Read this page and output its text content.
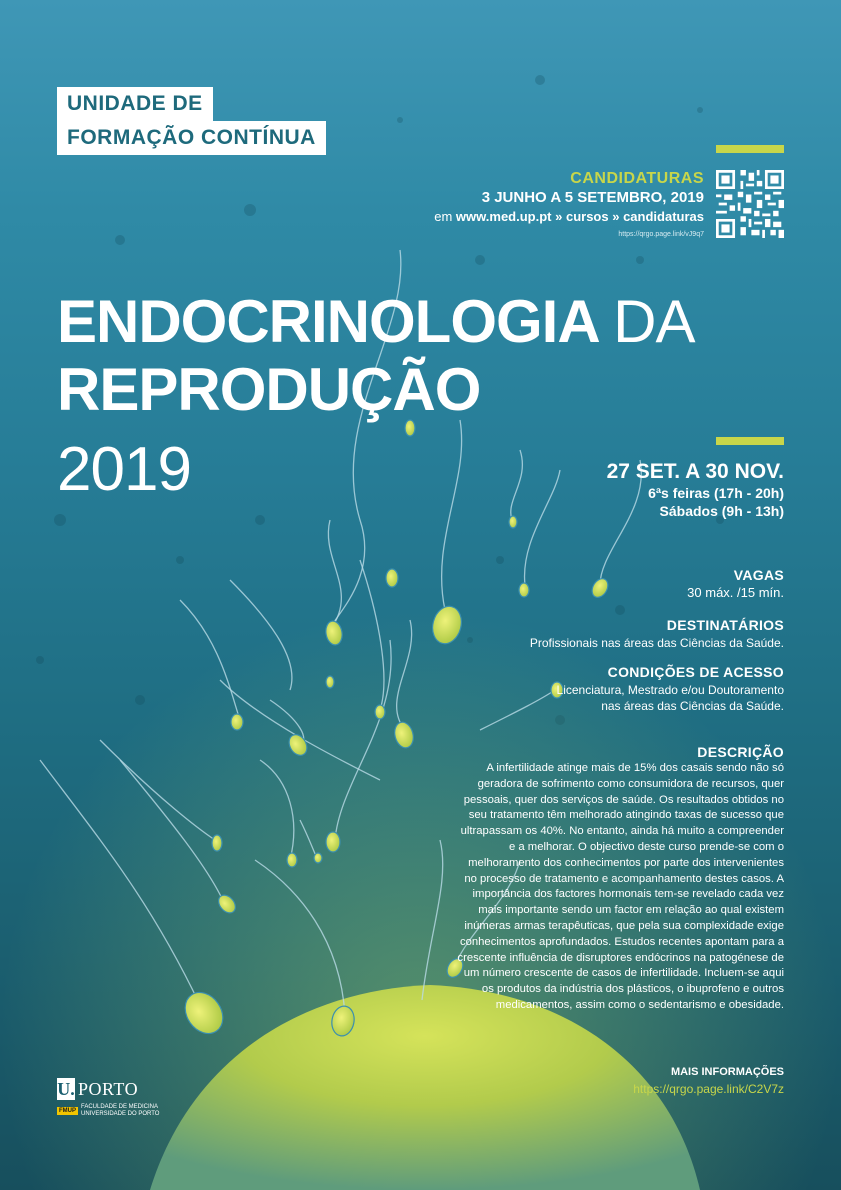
UNIDADE DE
FORMAÇÃO CONTÍNUA
CANDIDATURAS
3 JUNHO A 5 SETEMBRO, 2019
em www.med.up.pt » cursos » candidaturas
https://qrgo.page.link/vJ9q7
ENDOCRINOLOGIA DA
REPRODUÇÃO
2019	27 SET. A 30 NOV.
6ªs feiras (17h - 20h)
Sábados (9h - 13h)
VAGAS
30 máx. /15 mín.
DESTINATÁRIOS
Profissionais nas áreas das Ciências da Saúde.
CONDIÇÕES DE ACESSO
Licenciatura, Mestrado e/ou Doutoramento nas áreas das Ciências da Saúde.
DESCRIÇÃO
A infertilidade atinge mais de 15% dos casais sendo não só geradora de sofrimento como consumidora de recursos, quer pessoais, quer dos serviços de saúde. Os resultados obtidos no seu tratamento têm melhorado atingindo taxas de sucesso que ultrapassam os 40%. No entanto, ainda há muito a compreender e a melhorar. O objectivo deste curso prende-se com o melhoramento dos conhecimentos por parte dos intervenientes no processo de tratamento e acompanhamento destes casos. A importância dos factores hormonais tem-se revelado cada vez mais importante sendo um factor em relação ao qual existem inúmeras armas terapêuticas, que pela sua complexidade exige conhecimentos aprofundados. Estudos recentes apontam para a crescente influência de disruptores endócrinos na patogénese de um número crescente de casos de infertilidade. Incluem-se aqui os produtos da indústria dos plásticos, o ibuprofeno e outros medicamentos, assim como o sedentarismo e obesidade.
MAIS INFORMAÇÕES
https://qrgo.page.link/C2V7z
U. PORTO
FMUP
FACULDADE DE MEDICINA
UNIVERSIDADE DO PORTO
